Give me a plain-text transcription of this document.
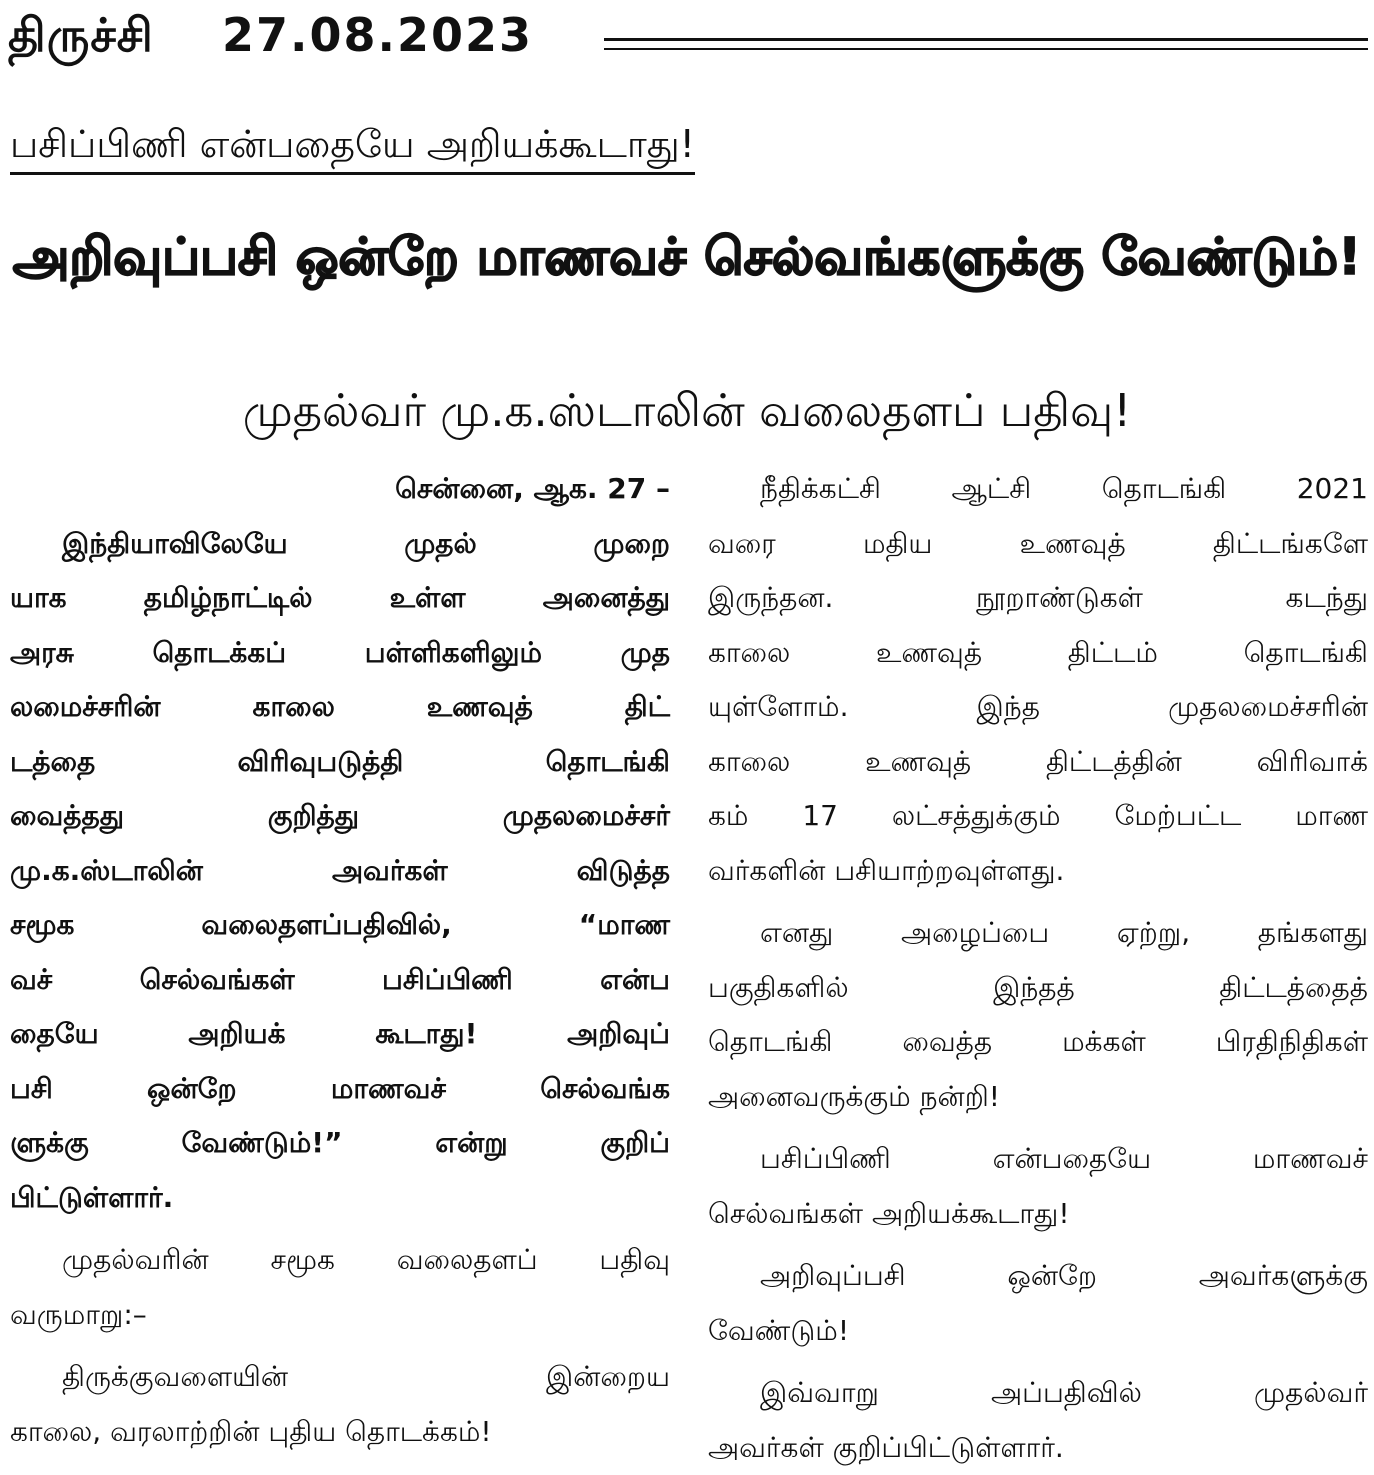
திருச்சி 27.08.2023
பசிப்பிணி என்பதையே அறியக்கூடாது!
அறிவுப்பசி ஒன்றே மாணவச் செல்வங்களுக்கு வேண்டும்!
முதல்வர் மு.க.ஸ்டாலின் வலைதளப் பதிவு!
சென்னை, ஆக. 27 –
இந்தியாவிலேயே முதல் முறை
யாக தமிழ்நாட்டில் உள்ள அனைத்து
அரசு தொடக்கப் பள்ளிகளிலும் முத
லமைச்சரின் காலை உணவுத் திட்
டத்தை விரிவுபடுத்தி தொடங்கி
வைத்தது குறித்து முதலமைச்சர்
மு.க.ஸ்டாலின் அவர்கள் விடுத்த
சமூக வலைதளப்பதிவில், “மாண
வச் செல்வங்கள் பசிப்பிணி என்ப
தையே அறியக் கூடாது! அறிவுப்
பசி ஒன்றே மாணவச் செல்வங்க
ளுக்கு வேண்டும்!” என்று குறிப்
பிட்டுள்ளார்.
முதல்வரின் சமூக வலைதளப் பதிவு
வருமாறு:–
திருக்குவளையின் இன்றைய
காலை, வரலாற்றின் புதிய தொடக்கம்!
நீதிக்கட்சி ஆட்சி தொடங்கி 2021
வரை மதிய உணவுத் திட்டங்களே
இருந்தன. நூறாண்டுகள் கடந்து
காலை உணவுத் திட்டம் தொடங்கி
யுள்ளோம். இந்த முதலமைச்சரின்
காலை உணவுத் திட்டத்தின் விரிவாக்
கம் 17 லட்சத்துக்கும் மேற்பட்ட மாண
வர்களின் பசியாற்றவுள்ளது.
எனது அழைப்பை ஏற்று, தங்களது
பகுதிகளில் இந்தத் திட்டத்தைத்
தொடங்கி வைத்த மக்கள் பிரதிநிதிகள்
அனைவருக்கும் நன்றி!
பசிப்பிணி என்பதையே மாணவச்
செல்வங்கள் அறியக்கூடாது!
அறிவுப்பசி ஒன்றே அவர்களுக்கு
வேண்டும்!
இவ்வாறு அப்பதிவில் முதல்வர்
அவர்கள் குறிப்பிட்டுள்ளார்.
